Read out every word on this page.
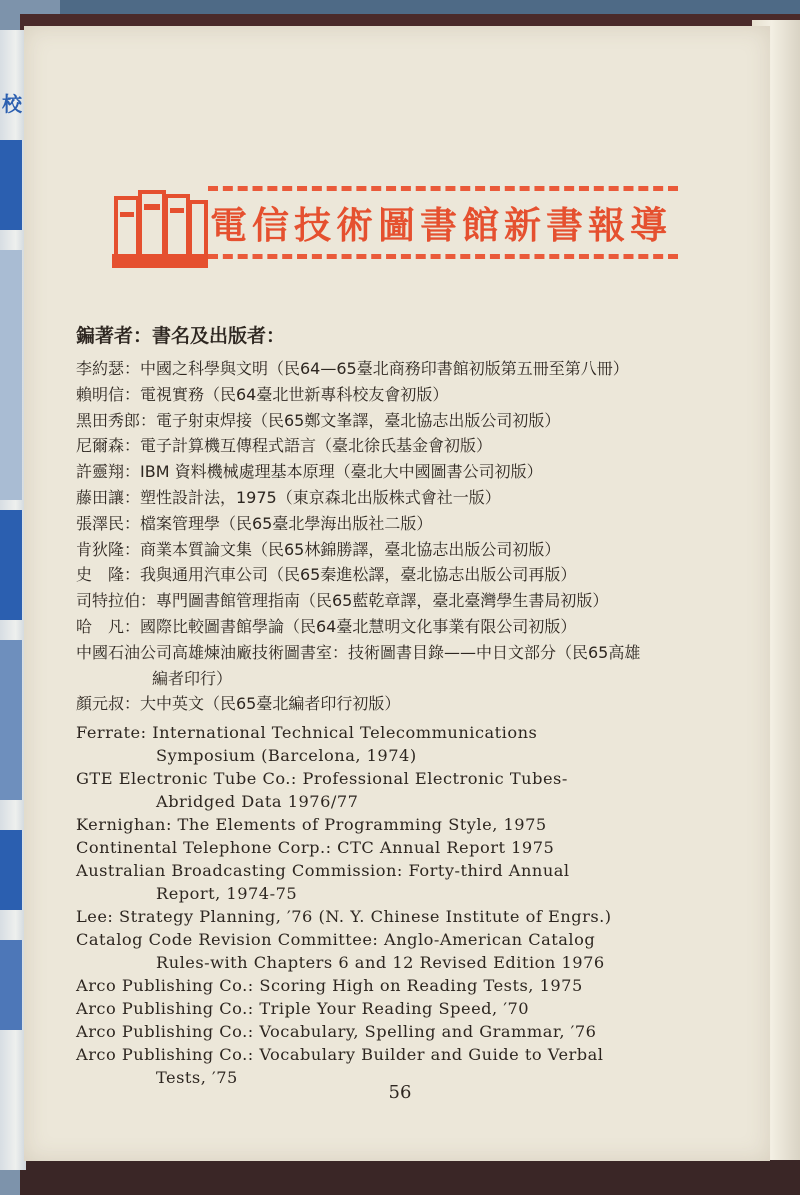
校
電信技術圖書館新書報導
鍽著者：書名及出版者：
李約瑟：中國之科學與文明（民64—65臺北商務印書館初版第五冊至第八冊）
賴明信：電視實務（民64臺北世新專科校友會初版）
黑田秀郎：電子射束焊接（民65鄭文峯譯，臺北協志出版公司初版）
尼爾森：電子計算機互傳程式語言（臺北徐氏基金會初版）
許靈翔：IBM 資料機械處理基本原理（臺北大中國圖書公司初版）
藤田讓：塑性設計法，1975（東京森北出版株式會社一版）
張澤民：檔案管理學（民65臺北學海出版社二版）
肯狄隆：商業本質論文集（民65林錦勝譯，臺北協志出版公司初版）
史　隆：我與通用汽車公司（民65秦進松譯，臺北協志出版公司再版）
司特拉伯：專門圖書館管理指南（民65藍乾章譯，臺北臺灣學生書局初版）
哈　凡：國際比較圖書館學論（民64臺北慧明文化事業有限公司初版）
中國石油公司高雄煉油廠技術圖書室：技術圖書目錄——中日文部分（民65高雄
編者印行）
顏元叔：大中英文（民65臺北編者印行初版）
Ferrate: International Technical Telecommunications
Symposium (Barcelona, 1974)
GTE Electronic Tube Co.: Professional Electronic Tubes-
Abridged Data 1976/77
Kernighan: The Elements of Programming Style, 1975
Continental Telephone Corp.: CTC Annual Report 1975
Australian Broadcasting Commission: Forty-third Annual
Report, 1974-75
Lee: Strategy Planning, ′76 (N. Y. Chinese Institute of Engrs.)
Catalog Code Revision Committee: Anglo-American Catalog
Rules-with Chapters 6 and 12 Revised Edition 1976
Arco Publishing Co.: Scoring High on Reading Tests, 1975
Arco Publishing Co.: Triple Your Reading Speed, ′70
Arco Publishing Co.: Vocabulary, Spelling and Grammar, ′76
Arco Publishing Co.: Vocabulary Builder and Guide to Verbal
Tests, ′75
56
